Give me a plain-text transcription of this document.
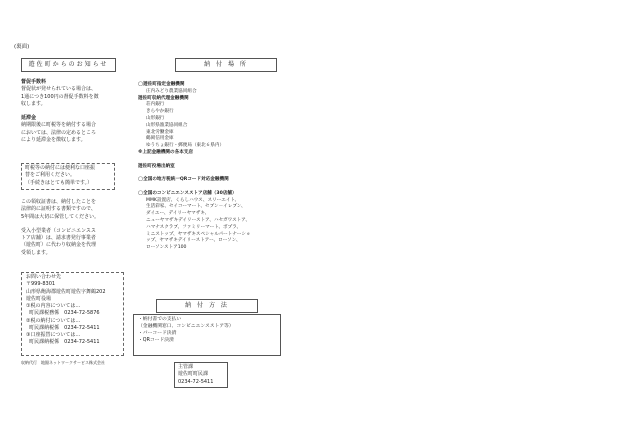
(裏面)
遊佐町からのお知らせ
督促手数料
督促状が発せられている場合は、
1通につき100円の督促手数料を徴
収します。
延滞金
納期限後に町税等を納付する場合
においては、法律の定めるところ
により延滞金を徴収します。
町税等の納付には便利な口座振
替をご利用ください。
（手続きはとても簡単です。）
この領収証書は、納付したことを
法律的に証明する書類ですので、
5年間は大切に保管してください。
受入小型業者（コンビニエンスス
トア店舗）は、請求書発行事業者
（遊佐町）に代わり収納金を代理
受領します。
お問い合わせ先
〒999-8301
山形県飽海郡遊佐町遊佐字舞鶴202
遊佐町役場
①税の内容については…
町民課税務係　0234-72-5876
②税の納付については…
町民課納税係　0234-72-5411
③口座振替については…
町民課納税係　0234-72-5411
収納代行　地銀ネットワークサービス株式会社
納 付 場 所
◯遊佐町指定金融機関
庄内みどり農業協同組合
遊佐町収納代理金融機関
荘内銀行
きらやか銀行
山形銀行
山形県漁業協同組合
東北労働金庫
鶴岡信用金庫
ゆうちょ銀行・郵便局（東北６県内）
※上記金融機関の各本支店

遊佐町役場出納室

◯全国の地方税統一QRコード対応金融機関

◯全国のコンビニエンスストア店舗（30店舗）
MMK設置店、くらしハウス、スリーエイト、
生活彩家、セイコーマート、セブン－イレブン、
ダイエー、デイリーヤマザキ、
ニューヤマザキデイリーストア、ハセガワストア、
ハマナスクラブ、ファミリーマート、ポプラ、
ミニストップ、ヤマザキスペシャルパートナーショ
ップ、ヤマザキデイリーストアー、ローソン、
ローソンストア100
納 付 方 法
・納付書での支払い
（金融機関窓口、コンビニエンスストア等）
・バーコード決済
・QRコード決済
主管課
遊佐町町民課
0234-72-5411
